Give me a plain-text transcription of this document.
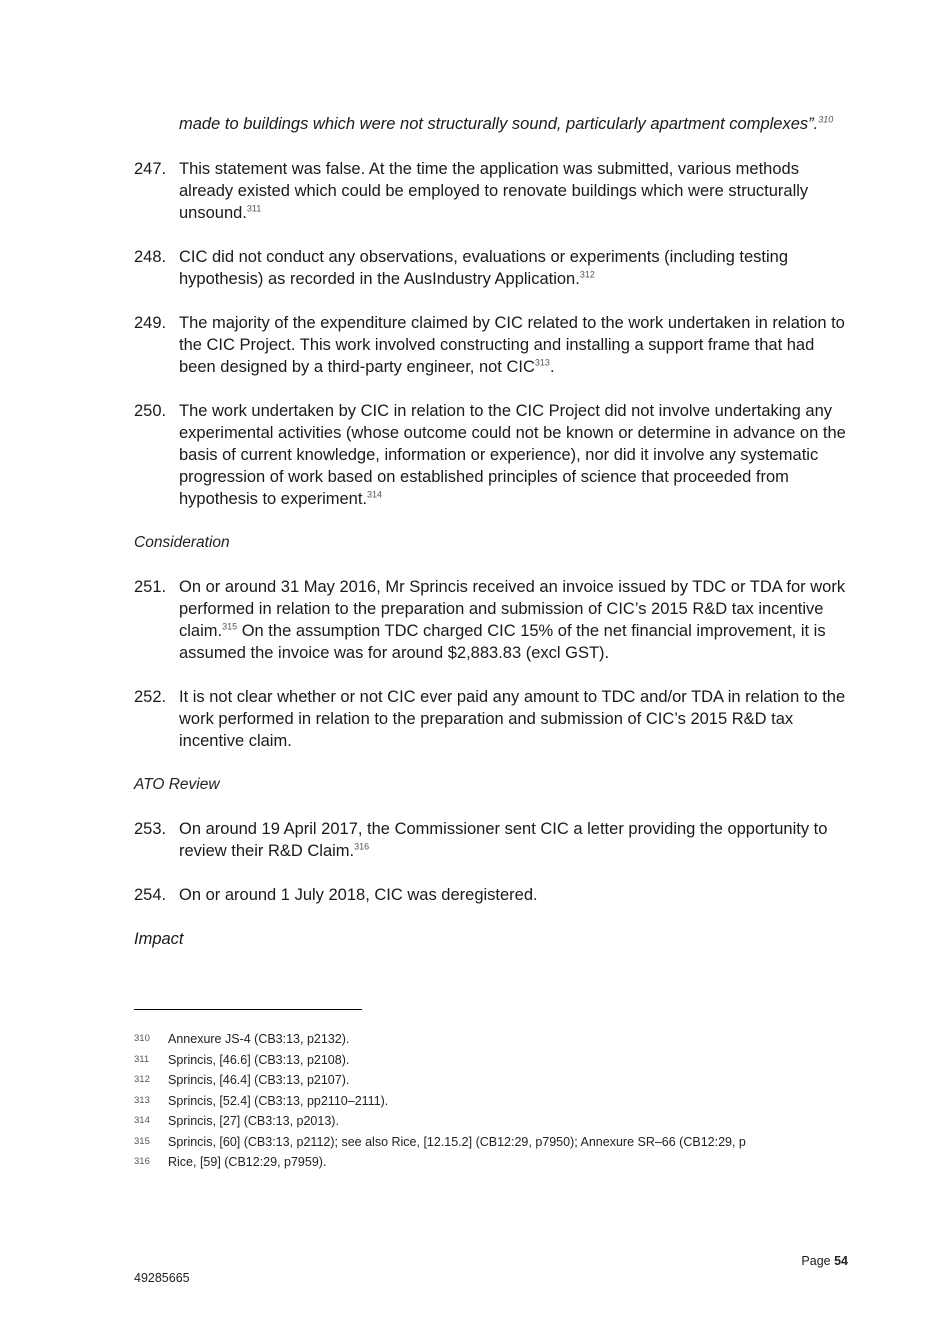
made to buildings which were not structurally sound, particularly apartment complexes”.$^{310}$
247. This statement was false. At the time the application was submitted, various methods already existed which could be employed to renovate buildings which were structurally unsound.$^{311}$
248. CIC did not conduct any observations, evaluations or experiments (including testing hypothesis) as recorded in the AusIndustry Application.$^{312}$
249. The majority of the expenditure claimed by CIC related to the work undertaken in relation to the CIC Project. This work involved constructing and installing a support frame that had been designed by a third-party engineer, not CIC$^{313}$.
250. The work undertaken by CIC in relation to the CIC Project did not involve undertaking any experimental activities (whose outcome could not be known or determine in advance on the basis of current knowledge, information or experience), nor did it involve any systematic progression of work based on established principles of science that proceeded from hypothesis to experiment.$^{314}$
Consideration
251. On or around 31 May 2016, Mr Sprincis received an invoice issued by TDC or TDA for work performed in relation to the preparation and submission of CIC’s 2015 R&D tax incentive claim.$^{315}$ On the assumption TDC charged CIC 15% of the net financial improvement, it is assumed the invoice was for around $2,883.83 (excl GST).
252. It is not clear whether or not CIC ever paid any amount to TDC and/or TDA in relation to the work performed in relation to the preparation and submission of CIC’s 2015 R&D tax incentive claim.
ATO Review
253. On around 19 April 2017, the Commissioner sent CIC a letter providing the opportunity to review their R&D Claim.$^{316}$
254. On or around 1 July 2018, CIC was deregistered.
Impact
310 Annexure JS-4 (CB3:13, p2132).
311 Sprincis, [46.6] (CB3:13, p2108).
312 Sprincis, [46.4] (CB3:13, p2107).
313 Sprincis, [52.4] (CB3:13, pp2110–2111).
314 Sprincis, [27] (CB3:13, p2013).
315 Sprincis, [60] (CB3:13, p2112); see also Rice, [12.15.2] (CB12:29, p7950); Annexure SR–66 (CB12:29, p
316 Rice, [59] (CB12:29, p7959).
Page 54
49285665
